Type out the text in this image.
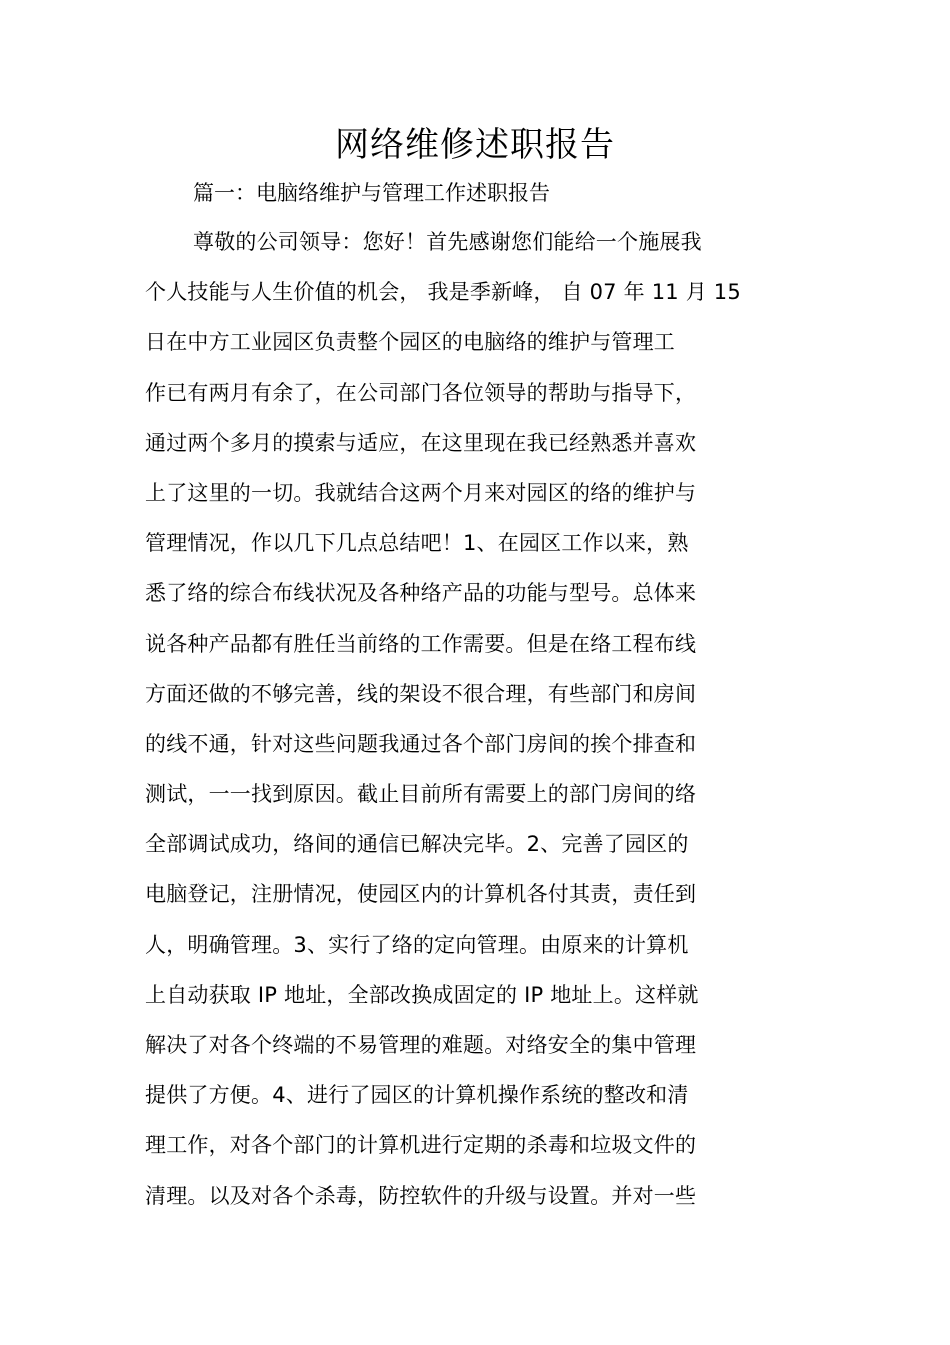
网络维修述职报告
篇一：电脑络维护与管理工作述职报告
尊敬的公司领导：您好！首先感谢您们能给一个施展我
个人技能与人生价值的机会， 我是季新峰， 自 07 年 11 月 15
日在中方工业园区负责整个园区的电脑络的维护与管理工
作已有两月有余了，在公司部门各位领导的帮助与指导下，
通过两个多月的摸索与适应，在这里现在我已经熟悉并喜欢
上了这里的一切。我就结合这两个月来对园区的络的维护与
管理情况，作以几下几点总结吧！1、在园区工作以来，熟
悉了络的综合布线状况及各种络产品的功能与型号。总体来
说各种产品都有胜任当前络的工作需要。但是在络工程布线
方面还做的不够完善，线的架设不很合理，有些部门和房间
的线不通，针对这些问题我通过各个部门房间的挨个排查和
测试，一一找到原因。截止目前所有需要上的部门房间的络
全部调试成功，络间的通信已解决完毕。2、完善了园区的
电脑登记，注册情况，使园区内的计算机各付其责，责任到
人，明确管理。3、实行了络的定向管理。由原来的计算机
上自动获取 IP 地址，全部改换成固定的 IP 地址上。这样就
解决了对各个终端的不易管理的难题。对络安全的集中管理
提供了方便。4、进行了园区的计算机操作系统的整改和清
理工作，对各个部门的计算机进行定期的杀毒和垃圾文件的
清理。以及对各个杀毒，防控软件的升级与设置。并对一些
